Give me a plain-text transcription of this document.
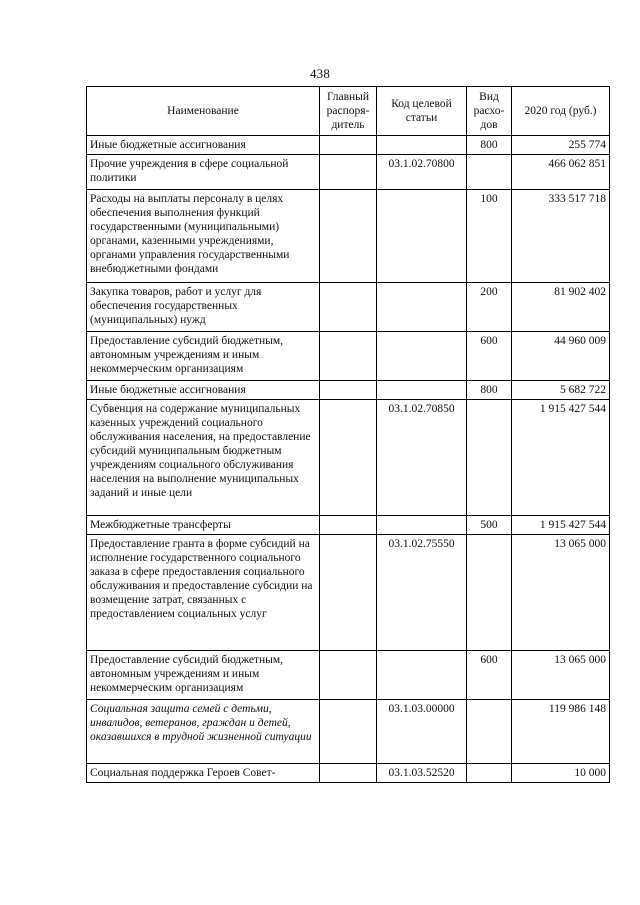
438
Наименование	Главный распоря-дитель	Код целевой статьи	Вид расхо-дов	2020 год (руб.)
Иные бюджетные ассигнования			800	255 774
Прочие учреждения в сфере социальной политики		03.1.02.70800		466 062 851
Расходы на выплаты персоналу в целях обеспечения выполнения функций государственными (муниципальными) органами, казенными учреждениями, органами управления государственными внебюджетными фондами			100	333 517 718
Закупка товаров, работ и услуг для обеспечения государственных (муниципальных) нужд			200	81 902 402
Предоставление субсидий бюджетным, автономным учреждениям и иным некоммерческим организациям			600	44 960 009
Иные бюджетные ассигнования			800	5 682 722
Субвенция на содержание муниципальных казенных учреждений социального обслуживания населения, на предоставление субсидий муниципальным бюджетным учреждениям социального обслуживания населения на выполнение муниципальных заданий и иные цели		03.1.02.70850		1 915 427 544
Межбюджетные трансферты			500	1 915 427 544
Предоставление гранта в форме субсидий на исполнение государственного социального заказа в сфере предоставления социального обслуживания и предоставление субсидии на возмещение затрат, связанных с предоставлением социальных услуг		03.1.02.75550		13 065 000
Предоставление субсидий бюджетным, автономным учреждениям и иным некоммерческим организациям			600	13 065 000
Социальная защита семей с детьми, инвалидов, ветеранов, граждан и детей, оказавшихся в трудной жизненной ситуации		03.1.03.00000		119 986 148
Социальная поддержка Героев Совет-		03.1.03.52520		10 000
